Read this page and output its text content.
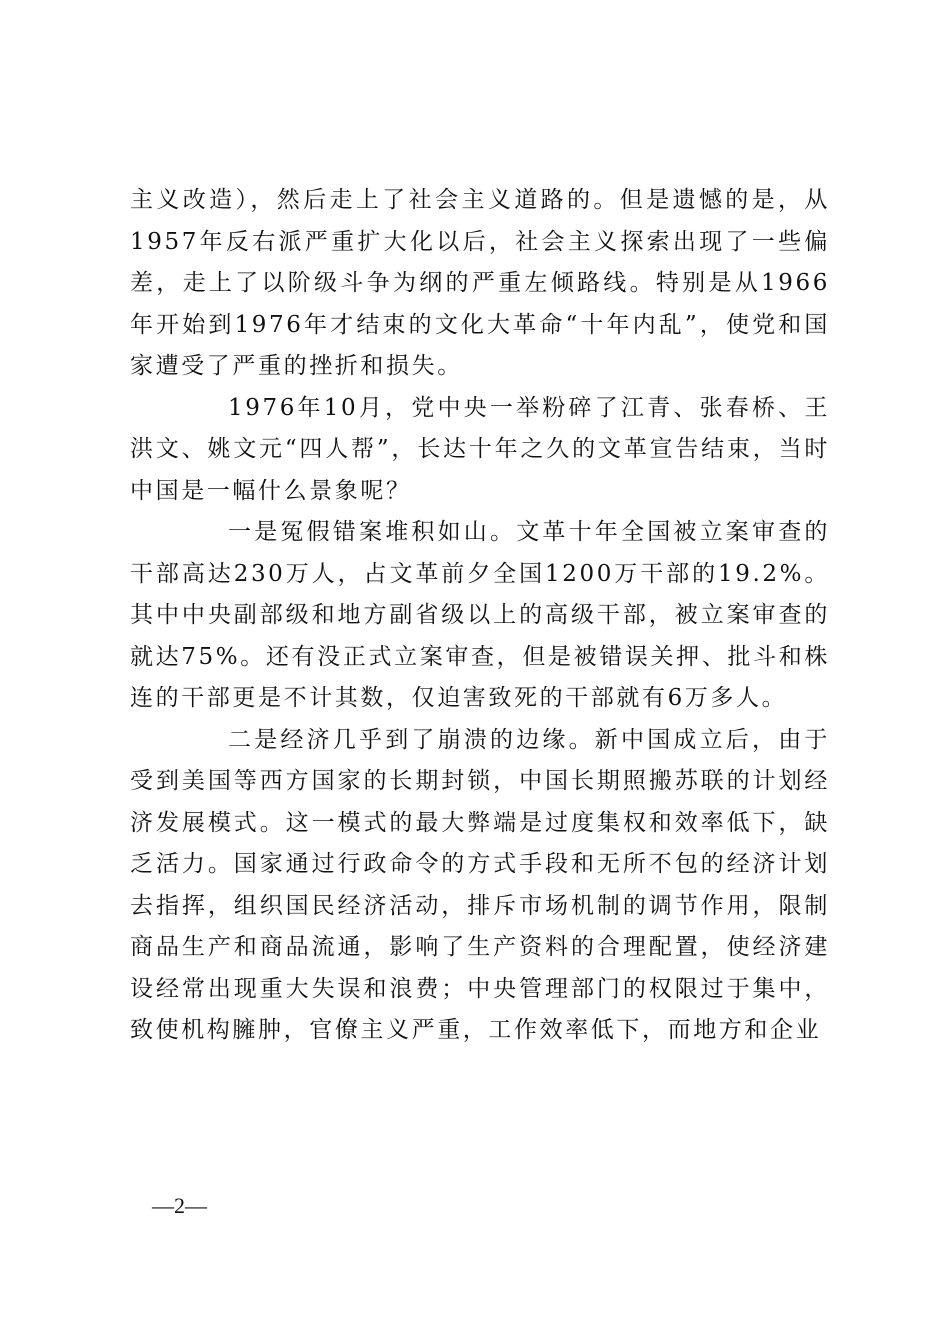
主义改造），然后走上了社会主义道路的。但是遗憾的是，从1957年反右派严重扩大化以后，社会主义探索出现了一些偏差，走上了以阶级斗争为纲的严重左倾路线。特别是从1966年开始到1976年才结束的文化大革命“十年内乱”，使党和国家遭受了严重的挫折和损失。

1976年10月，党中央一举粉碎了江青、张春桥、王洪文、姚文元“四人帮”，长达十年之久的文革宣告结束，当时中国是一幅什么景象呢？

一是冤假错案堆积如山。文革十年全国被立案审查的干部高达230万人，占文革前夕全国1200万干部的19.2%。其中中央副部级和地方副省级以上的高级干部，被立案审查的就达75%。还有没正式立案审查，但是被错误关押、批斗和株连的干部更是不计其数，仅迫害致死的干部就有6万多人。

二是经济几乎到了崩溃的边缘。新中国成立后，由于受到美国等西方国家的长期封锁，中国长期照搬苏联的计划经济发展模式。这一模式的最大弊端是过度集权和效率低下，缺乏活力。国家通过行政命令的方式手段和无所不包的经济计划去指挥，组织国民经济活动，排斥市场机制的调节作用，限制商品生产和商品流通，影响了生产资料的合理配置，使经济建设经常出现重大失误和浪费；中央管理部门的权限过于集中，致使机构臃肿，官僚主义严重，工作效率低下，而地方和企业

—2—
